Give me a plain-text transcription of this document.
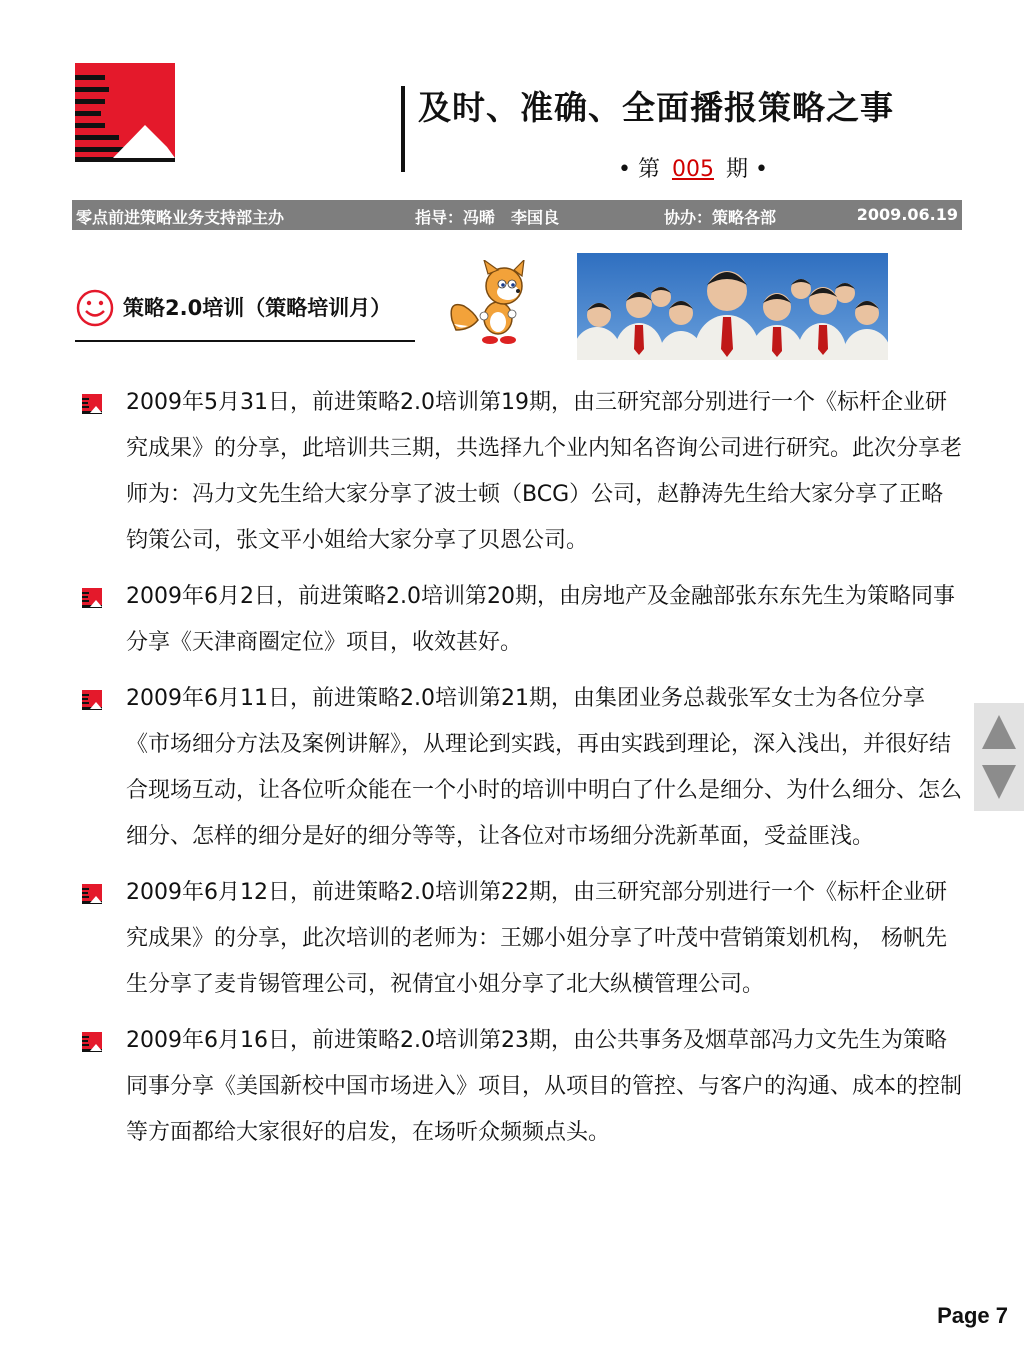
及时、准确、全面播报策略之事
• 第 005 期 •
零点前进策略业务支持部主办	指导：冯晞　李国良	协办：策略各部	2009.06.19
策略2.0培训（策略培训月）
2009年5月31日，前进策略2.0培训第19期，由三研究部分别进行一个《标杆企业研究成果》的分享，此培训共三期，共选择九个业内知名咨询公司进行研究。此次分享老师为：冯力文先生给大家分享了波士顿（BCG）公司，赵静涛先生给大家分享了正略钧策公司，张文平小姐给大家分享了贝恩公司。
2009年6月2日，前进策略2.0培训第20期，由房地产及金融部张东东先生为策略同事分享《天津商圈定位》项目，收效甚好。
2009年6月11日，前进策略2.0培训第21期，由集团业务总裁张军女士为各位分享《市场细分方法及案例讲解》，从理论到实践，再由实践到理论，深入浅出，并很好结合现场互动，让各位听众能在一个小时的培训中明白了什么是细分、为什么细分、怎么细分、怎样的细分是好的细分等等，让各位对市场细分洗新革面，受益匪浅。
2009年6月12日，前进策略2.0培训第22期，由三研究部分别进行一个《标杆企业研究成果》的分享，此次培训的老师为：王娜小姐分享了叶茂中营销策划机构， 杨帆先生分享了麦肯锡管理公司，祝倩宜小姐分享了北大纵横管理公司。
2009年6月16日，前进策略2.0培训第23期，由公共事务及烟草部冯力文先生为策略同事分享《美国新校中国市场进入》项目，从项目的管控、与客户的沟通、成本的控制等方面都给大家很好的启发，在场听众频频点头。
Page 7
